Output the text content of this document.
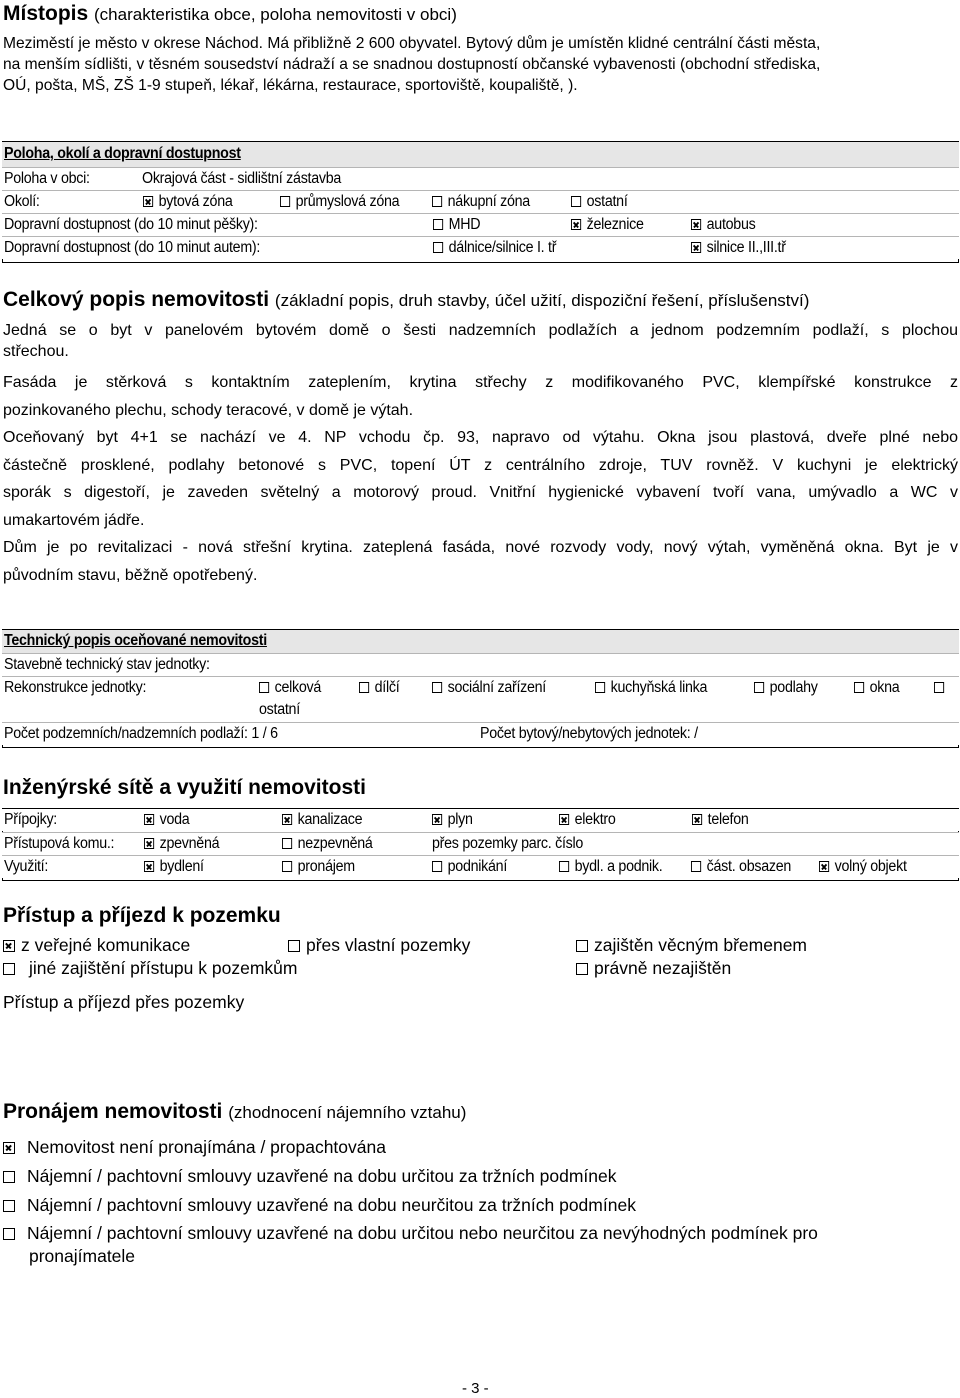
Místopis (charakteristika obce, poloha nemovitosti v obci)
Meziměstí je město v okrese Náchod. Má přibližně 2 600 obyvatel. Bytový dům je umístěn klidné centrální části města,
na menším sídlišti, v těsném sousedství nádraží a se snadnou dostupností občanské vybavenosti (obchodní střediska,
OÚ, pošta, MŠ, ZŠ 1-9 stupeň, lékař, lékárna, restaurace, sportoviště, koupaliště, ).
Poloha, okolí a dopravní dostupnost
Poloha v obci:	Okrajová část - sidlištní zástavba
Okolí:	bytová zóna	průmyslová zóna	nákupní zóna	ostatní
Dopravní dostupnost (do 10 minut pěšky):	MHD	železnice	autobus
Dopravní dostupnost (do 10 minut autem):	dálnice/silnice I. tř	silnice II.,III.tř
Celkový popis nemovitosti (základní popis, druh stavby, účel užití, dispoziční řešení, příslušenství)
Jedná se o byt v panelovém bytovém domě o šesti nadzemních podlažích a jednom podzemním podlaží, s plochou
střechou.
Fasáda je stěrková s kontaktním zateplením, krytina střechy z modifikovaného PVC, klempířské konstrukce z
pozinkovaného plechu, schody teracové, v domě je výtah.
Oceňovaný byt 4+1 se nachází ve 4. NP vchodu čp. 93, napravo od výtahu. Okna jsou plastová, dveře plné nebo
částečně prosklené, podlahy betonové s PVC, topení ÚT z centrálního zdroje, TUV rovněž. V kuchyni je elektrický
sporák s digestoří, je zaveden světelný a motorový proud. Vnitřní hygienické vybavení tvoří vana, umývadlo a WC v
umakartovém jádře.
Dům je po revitalizaci - nová střešní krytina. zateplená fasáda, nové rozvody vody, nový výtah, vyměněná okna. Byt je v
původním stavu, běžně opotřebený.
Technický popis oceňované nemovitosti
Stavebně technický stav jednotky:
Rekonstrukce jednotky:	celková	dílčí	sociální zařízení	kuchyňská linka	podlahy	okna
ostatní
Počet podzemních/nadzemních podlaží: 1 / 6	Počet bytový/nebytových jednotek: /
Inženýrské sítě a využití nemovitosti
Přípojky:	voda	kanalizace	plyn	elektro	telefon
Přístupová komu.:	zpevněná	nezpevněná	přes pozemky parc. číslo
Využití:	bydlení	pronájem	podnikání	bydl. a podnik.	část. obsazen	volný objekt
Přístup a příjezd k pozemku
z veřejné komunikace	přes vlastní pozemky	zajištěn věcným břemenem
jiné zajištění přístupu k pozemkům	právně nezajištěn
Přístup a příjezd přes pozemky
Pronájem nemovitosti (zhodnocení nájemního vztahu)
Nemovitost není pronajímána / propachtována
Nájemní / pachtovní smlouvy uzavřené na dobu určitou za tržních podmínek
Nájemní / pachtovní smlouvy uzavřené na dobu neurčitou za tržních podmínek
Nájemní / pachtovní smlouvy uzavřené na dobu určitou nebo neurčitou za nevýhodných podmínek pro
pronajímatele
- 3 -
